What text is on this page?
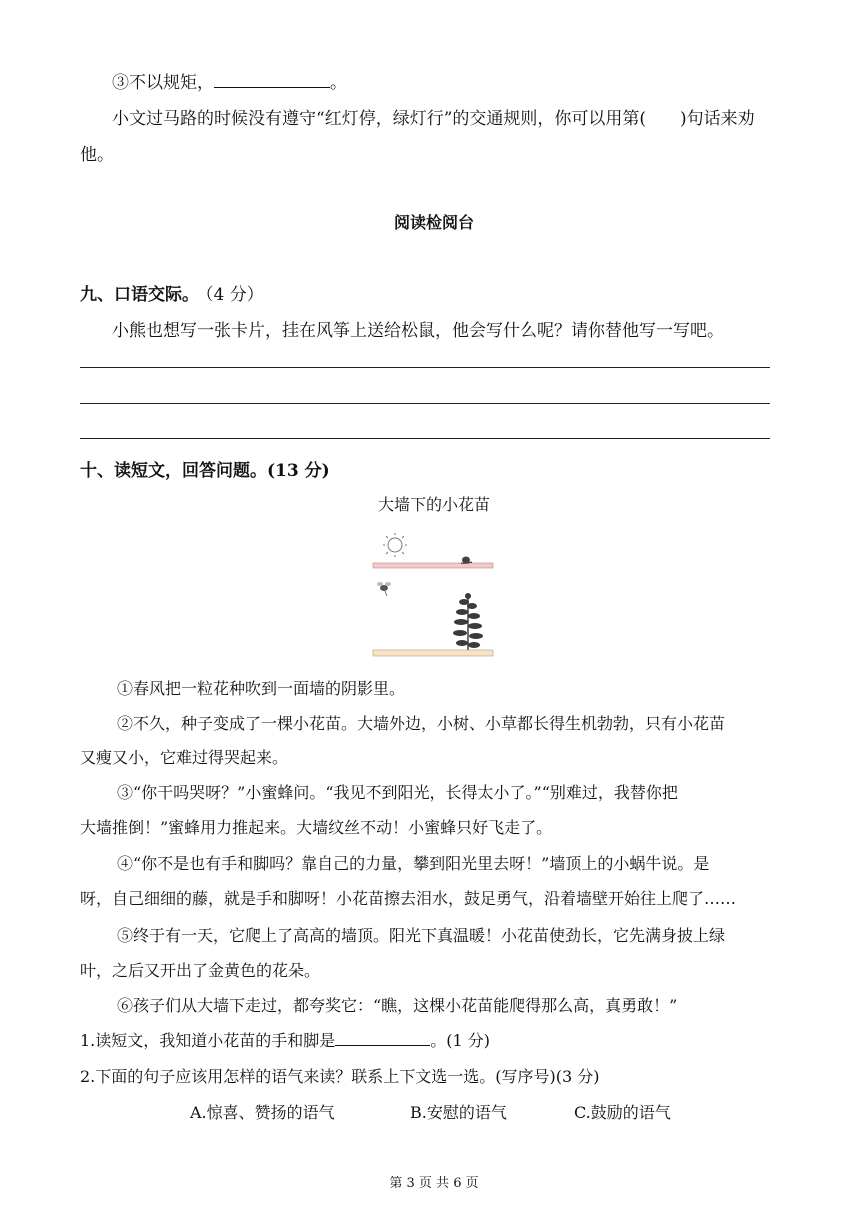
③不以规矩，	。
小文过马路的时候没有遵守“红灯停，绿灯行”的交通规则，你可以用第( )句话来劝
他。
阅读检阅台
九、口语交际。 （4 分）
小熊也想写一张卡片，挂在风筝上送给松鼠，他会写什么呢？请你替他写一写吧。
十、读短文，回答问题。(13 分)
大墙下的小花苗
①春风把一粒花种吹到一面墙的阴影里。
②不久，种子变成了一棵小花苗。大墙外边，小树、小草都长得生机勃勃，只有小花苗
又瘦又小，它难过得哭起来。
③“你干吗哭呀？”小蜜蜂问。“我见不到阳光，长得太小了。”“别难过，我替你把
大墙推倒！”蜜蜂用力推起来。大墙纹丝不动！小蜜蜂只好飞走了。
④“你不是也有手和脚吗？靠自己的力量，攀到阳光里去呀！”墙顶上的小蜗牛说。是
呀，自己细细的藤，就是手和脚呀！小花苗擦去泪水，鼓足勇气，沿着墙壁开始往上爬了……
⑤终于有一天，它爬上了高高的墙顶。阳光下真温暖！小花苗使劲长，它先满身披上绿
叶，之后又开出了金黄色的花朵。
⑥孩子们从大墙下走过，都夸奖它：“瞧，这棵小花苗能爬得那么高，真勇敢！”
1.读短文，我知道小花苗的手和脚是	。(1 分)
2.下面的句子应该用怎样的语气来读？联系上下文选一选。(写序号)(3 分)
A.惊喜、赞扬的语气	B.安慰的语气	C.鼓励的语气
第 3 页 共 6 页
